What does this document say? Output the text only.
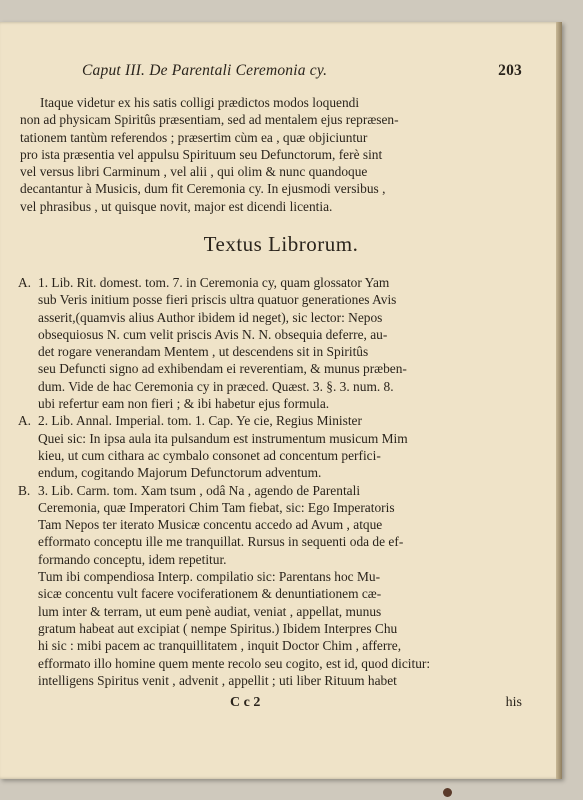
Caput III. De Parentali Ceremonia cy.	203
Itaque videtur ex his satis colligi prædictos modos loquendi
non ad physicam Spiritûs præsentiam, sed ad mentalem ejus repræsen-
tationem tantùm referendos ; præsertim cùm ea , quæ objiciuntur
pro ista præsentia vel appulsu Spirituum seu Defunctorum, ferè sint
vel versus libri Carminum , vel alii , qui olim & nunc quandoque
decantantur à Musicis, dum fit Ceremonia cy. In ejusmodi versibus ,
vel phrasibus , ut quisque novit, major est dicendi licentia.
Textus Librorum.
A. 1. Lib. Rit. domest. tom. 7. in Ceremonia cy, quam glossator Yam
sub Veris initium posse fieri priscis ultra quatuor generationes Avis
asserit,(quamvis alius Author ibidem id neget), sic lector: Nepos
obsequiosus N. cum velit priscis Avis N. N. obsequia deferre, au-
det rogare venerandam Mentem , ut descendens sit in Spiritûs
seu Defuncti signo ad exhibendam ei reverentiam, & munus præben-
dum. Vide de hac Ceremonia cy in præced. Quæst. 3. §. 3. num. 8.
ubi refertur eam non fieri ; & ibi habetur ejus formula.
A. 2. Lib. Annal. Imperial. tom. 1. Cap. Ye cie, Regius Minister
Quei sic: In ipsa aula ita pulsandum est instrumentum musicum Mim
kieu, ut cum cithara ac cymbalo consonet ad concentum perfici-
endum, cogitando Majorum Defunctorum adventum.
B. 3. Lib. Carm. tom. Xam tsum , odâ Na , agendo de Parentali
Ceremonia, quæ Imperatori Chim Tam fiebat, sic: Ego Imperatoris
Tam Nepos ter iterato Musicæ concentu accedo ad Avum , atque
efformato conceptu ille me tranquillat. Rursus in sequenti oda de ef-
formando conceptu, idem repetitur.
Tum ibi compendiosa Interp. compilatio sic: Parentans hoc Mu-
sicæ concentu vult facere vociferationem & denuntiationem cæ-
lum inter & terram, ut eum penè audiat, veniat , appellat, munus
gratum habeat aut excipiat ( nempe Spiritus.) Ibidem Interpres Chu
hi sic : mibi pacem ac tranquillitatem , inquit Doctor Chim , afferre,
efformato illo homine quem mente recolo seu cogito, est id, quod dicitur:
intelligens Spiritus venit , advenit , appellit ; uti liber Rituum habet
C c 2	his
